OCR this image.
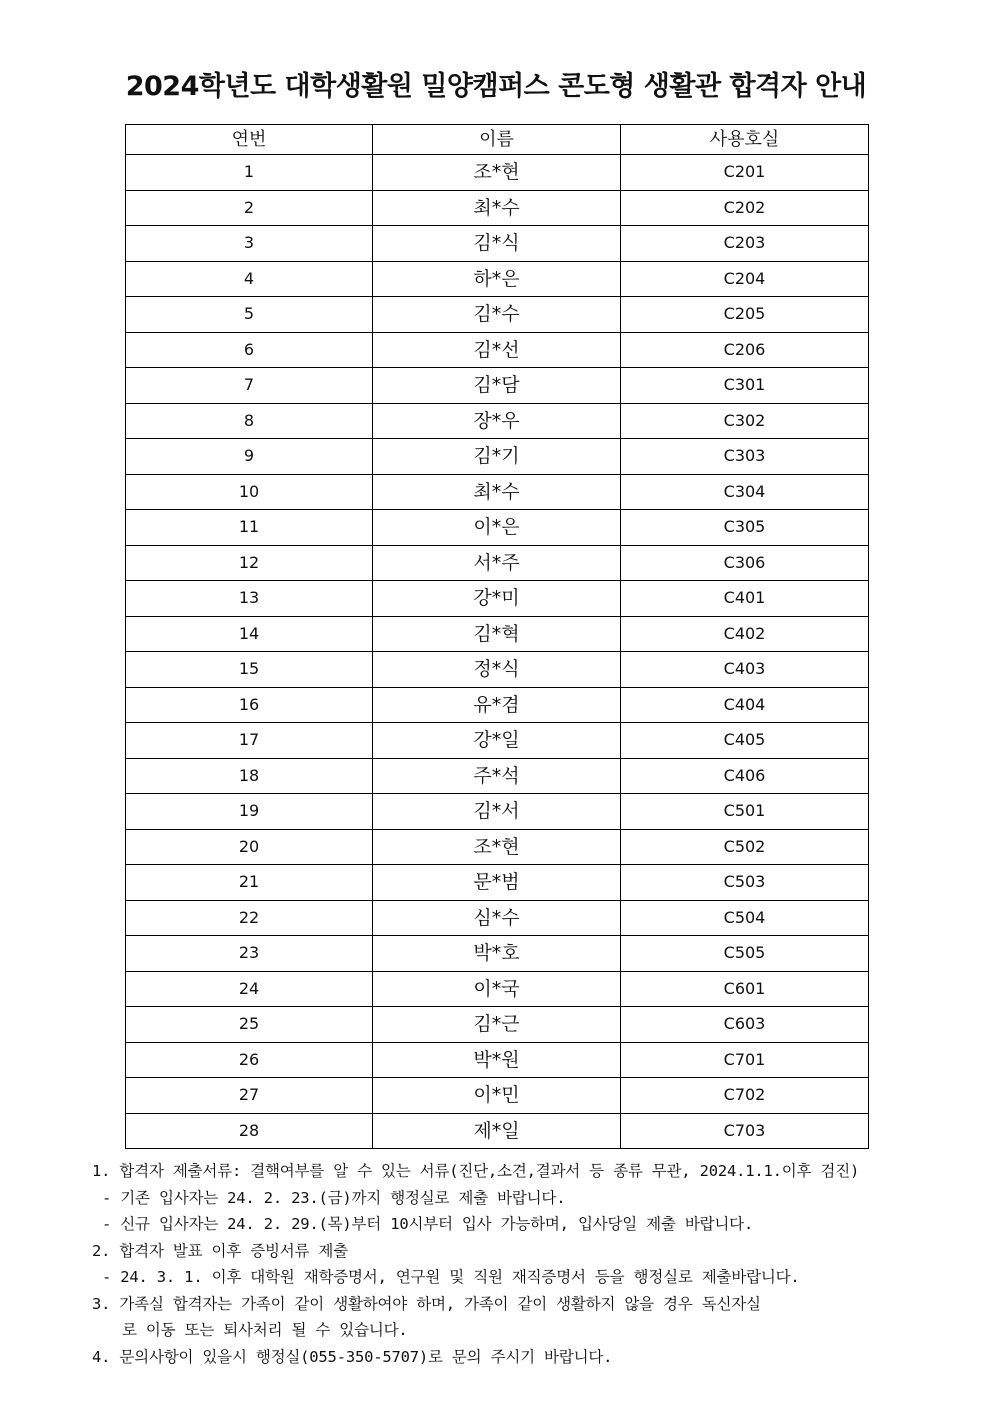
2024학년도 대학생활원 밀양캠퍼스 콘도형 생활관 합격자 안내
연번	이름	사용호실
1	조*현	C201
2	최*수	C202
3	김*식	C203
4	하*은	C204
5	김*수	C205
6	김*선	C206
7	김*담	C301
8	장*우	C302
9	김*기	C303
10	최*수	C304
11	이*은	C305
12	서*주	C306
13	강*미	C401
14	김*혁	C402
15	정*식	C403
16	유*겸	C404
17	강*일	C405
18	주*석	C406
19	김*서	C501
20	조*현	C502
21	문*범	C503
22	심*수	C504
23	박*호	C505
24	이*국	C601
25	김*근	C603
26	박*원	C701
27	이*민	C702
28	제*일	C703
1. 합격자 제출서류: 결핵여부를 알 수 있는 서류(진단,소견,결과서 등 종류 무관, 2024.1.1.이후 검진)
- 기존 입사자는 24. 2. 23.(금)까지 행정실로 제출 바랍니다.
- 신규 입사자는 24. 2. 29.(목)부터 10시부터 입사 가능하며, 입사당일 제출 바랍니다.
2. 합격자 발표 이후 증빙서류 제출
- 24. 3. 1. 이후 대학원 재학증명서, 연구원 및 직원 재직증명서 등을 행정실로 제출바랍니다.
3. 가족실 합격자는 가족이 같이 생활하여야 하며, 가족이 같이 생활하지 않을 경우 독신자실
로 이동 또는 퇴사처리 될 수 있습니다.
4. 문의사항이 있을시 행정실(055-350-5707)로 문의 주시기 바랍니다.
